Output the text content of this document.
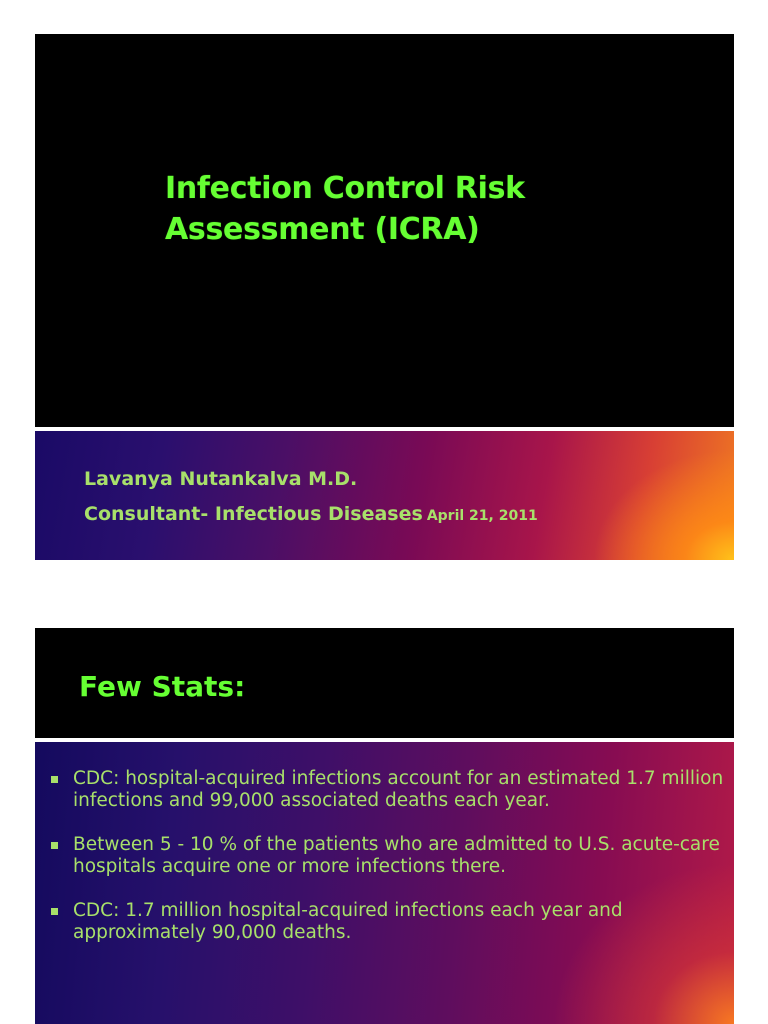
Infection Control Risk
Assessment (ICRA)

Lavanya Nutankalva M.D.

Consultant- Infectious Diseases April 21, 2011

Few Stats:
CDC: hospital-acquired infections account for an estimated 1.7 million infections and 99,000 associated deaths each year.
Between 5 - 10 % of the patients who are admitted to U.S. acute-care hospitals acquire one or more infections there.
CDC: 1.7 million hospital-acquired infections each year and approximately 90,000 deaths.
